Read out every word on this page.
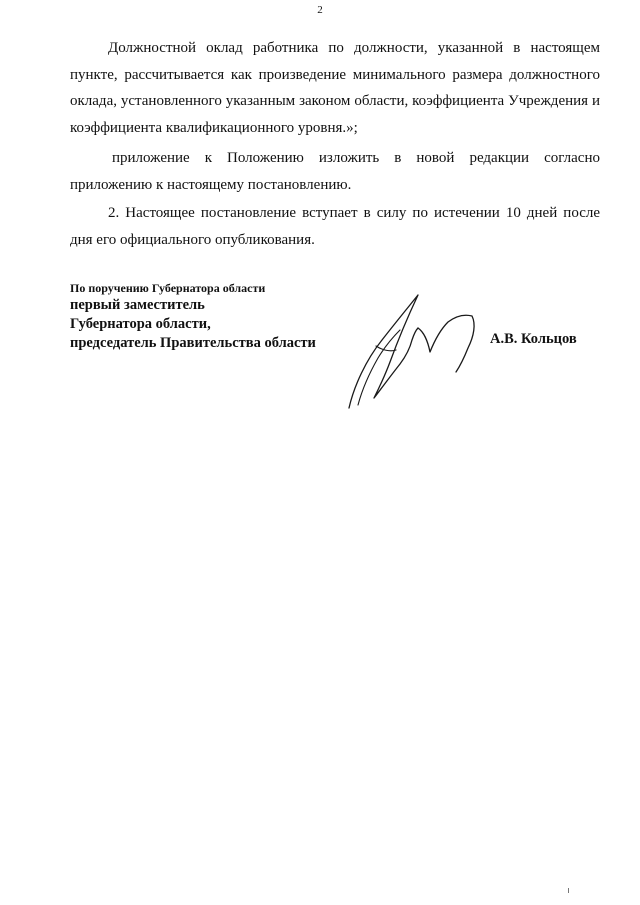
2

Должностной оклад работника по должности, указанной в настоящем пункте, рассчитывается как произведение минимального размера должностного оклада, установленного указанным законом области, коэффициента Учреждения и коэффициента квалификационного уровня.»;

приложение к Положению изложить в новой редакции согласно приложению к настоящему постановлению.

2. Настоящее постановление вступает в силу по истечении 10 дней после дня его официального опубликования.

По поручению Губернатора области
первый заместитель
Губернатора области,
председатель Правительства области	А.В. Кольцов
